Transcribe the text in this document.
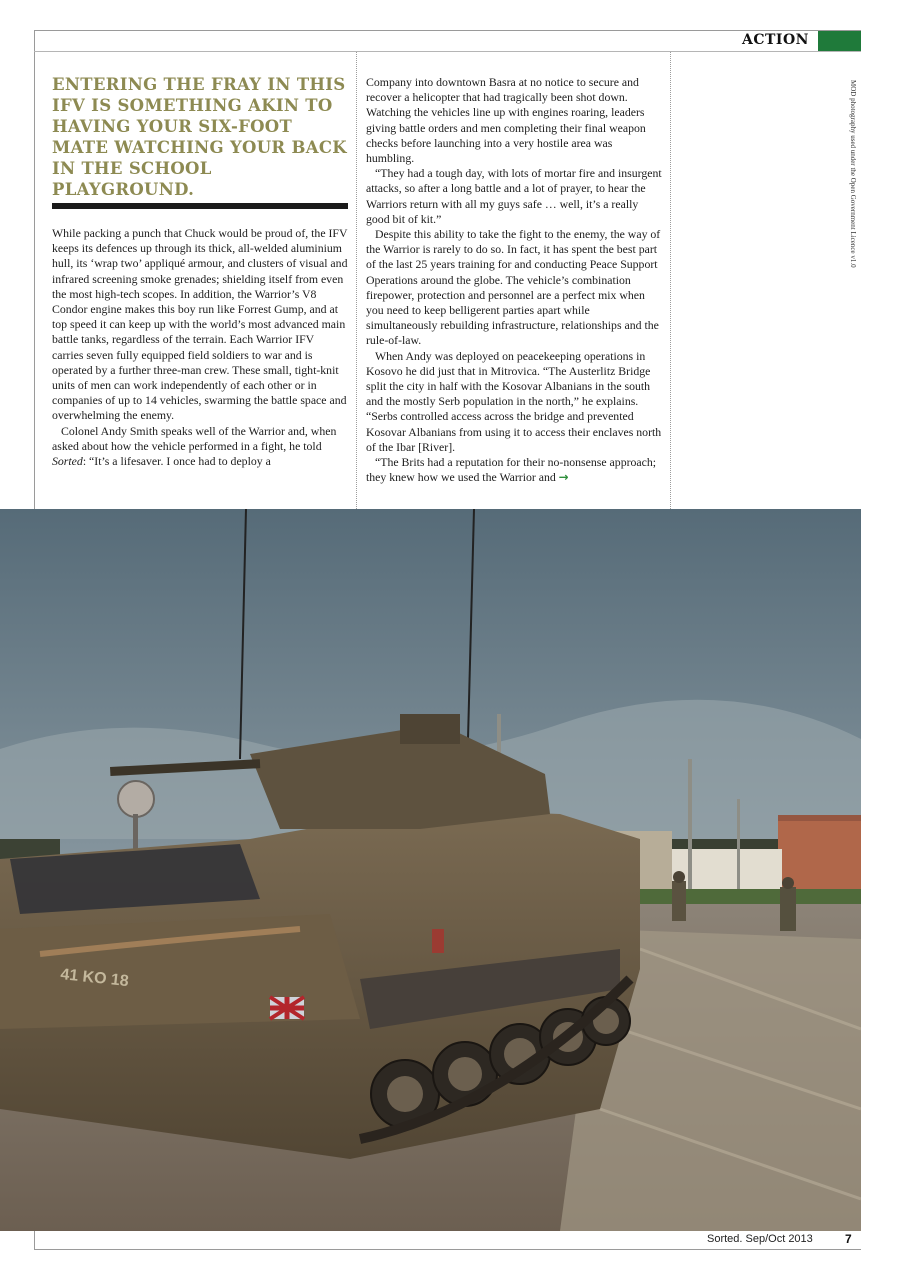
ACTION
ENTERING THE FRAY IN THIS IFV IS SOMETHING AKIN TO HAVING YOUR SIX-FOOT MATE WATCHING YOUR BACK IN THE SCHOOL PLAYGROUND.

While packing a punch that Chuck would be proud of, the IFV keeps its defences up through its thick, all-welded aluminium hull, its ‘wrap two’ appliqué armour, and clusters of visual and infrared screening smoke grenades; shielding itself from even the most high-tech scopes. In addition, the Warrior’s V8 Condor engine makes this boy run like Forrest Gump, and at top speed it can keep up with the world’s most advanced main battle tanks, regardless of the terrain. Each Warrior IFV carries seven fully equipped field soldiers to war and is operated by a further three-man crew. These small, tight-knit units of men can work independently of each other or in companies of up to 14 vehicles, swarming the battle space and overwhelming the enemy.

Colonel Andy Smith speaks well of the Warrior and, when asked about how the vehicle performed in a fight, he told Sorted: “It’s a lifesaver. I once had to deploy a

Company into downtown Basra at no notice to secure and recover a helicopter that had tragically been shot down. Watching the vehicles line up with engines roaring, leaders giving battle orders and men completing their final weapon checks before launching into a very hostile area was humbling.

“They had a tough day, with lots of mortar fire and insurgent attacks, so after a long battle and a lot of prayer, to hear the Warriors return with all my guys safe … well, it’s a really good bit of kit.”

Despite this ability to take the fight to the enemy, the way of the Warrior is rarely to do so. In fact, it has spent the best part of the last 25 years training for and conducting Peace Support Operations around the globe. The vehicle’s combination firepower, protection and personnel are a perfect mix when you need to keep belligerent parties apart while simultaneously rebuilding infrastructure, relationships and the rule-of-law.

When Andy was deployed on peacekeeping operations in Kosovo he did just that in Mitrovica. “The Austerlitz Bridge split the city in half with the Kosovar Albanians in the south and the mostly Serb population in the north,” he explains. “Serbs controlled access across the bridge and prevented Kosovar Albanians from using it to access their enclaves north of the Ibar [River].

“The Brits had a reputation for their no-nonsense approach; they knew how we used the Warrior and →

MOD photography used under the Open Government Licence v1.0
41 KO 18
Sorted. Sep/Oct 2013	7
